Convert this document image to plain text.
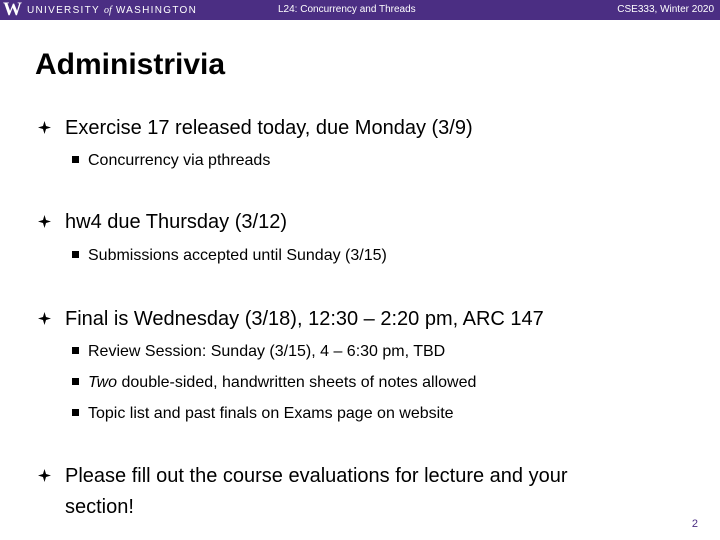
W UNIVERSITY of WASHINGTON	L24: Concurrency and Threads	CSE333, Winter 2020
Administrivia
Exercise 17 released today, due Monday (3/9)
Concurrency via pthreads
hw4 due Thursday (3/12)
Submissions accepted until Sunday (3/15)
Final is Wednesday (3/18), 12:30 – 2:20 pm, ARC 147
Review Session: Sunday (3/15), 4 – 6:30 pm, TBD
Two double-sided, handwritten sheets of notes allowed
Topic list and past finals on Exams page on website
Please fill out the course evaluations for lecture and your
section!
2
